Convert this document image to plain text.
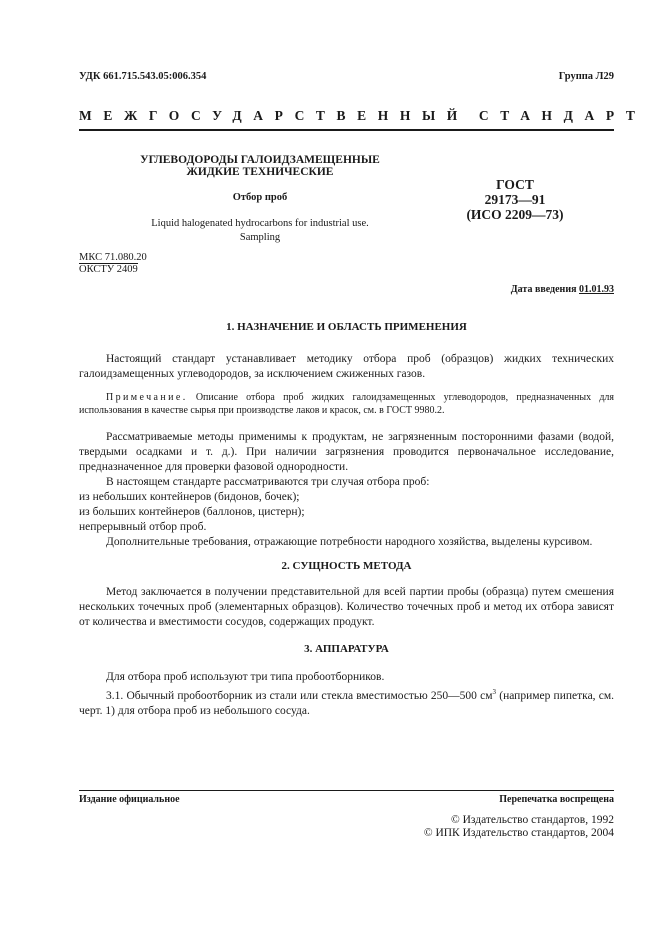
УДК 661.715.543.05:006.354	Группа Л29
МЕЖГОСУДАРСТВЕННЫЙ СТАНДАРТ
УГЛЕВОДОРОДЫ ГАЛОИДЗАМЕЩЕННЫЕ
ЖИДКИЕ ТЕХНИЧЕСКИЕ
Отбор проб
Liquid halogenated hydrocarbons for industrial use.
Sampling
ГОСТ
29173—91
(ИСО 2209—73)
МКС 71.080.20
ОКСТУ 2409
Дата введения 01.01.93
1. НАЗНАЧЕНИЕ И ОБЛАСТЬ ПРИМЕНЕНИЯ

Настоящий стандарт устанавливает методику отбора проб (образцов) жидких технических галоидзамещенных углеводородов, за исключением сжиженных газов.

Примечание. Описание отбора проб жидких галоидзамещенных углеводородов, предназначенных для использования в качестве сырья при производстве лаков и красок, см. в ГОСТ 9980.2.

Рассматриваемые методы применимы к продуктам, не загрязненным посторонними фазами (водой, твердыми осадками и т. д.). При наличии загрязнения проводится первоначальное исследование, предназначенное для проверки фазовой однородности.

В настоящем стандарте рассматриваются три случая отбора проб:

из небольших контейнеров (бидонов, бочек);

из больших контейнеров (баллонов, цистерн);

непрерывный отбор проб.

Дополнительные требования, отражающие потребности народного хозяйства, выделены курсивом.

2. СУЩНОСТЬ МЕТОДА

Метод заключается в получении представительной для всей партии пробы (образца) путем смешения нескольких точечных проб (элементарных образцов). Количество точечных проб и метод их отбора зависят от количества и вместимости сосудов, содержащих продукт.

3. АППАРАТУРА

Для отбора проб используют три типа пробоотборников.

3.1. Обычный пробоотборник из стали или стекла вместимостью 250—500 $см^3$ (например пипетка, см. черт. 1) для отбора проб из небольшого сосуда.

Издание официальное	Перепечатка воспрещена
© Издательство стандартов, 1992
© ИПК Издательство стандартов, 2004
